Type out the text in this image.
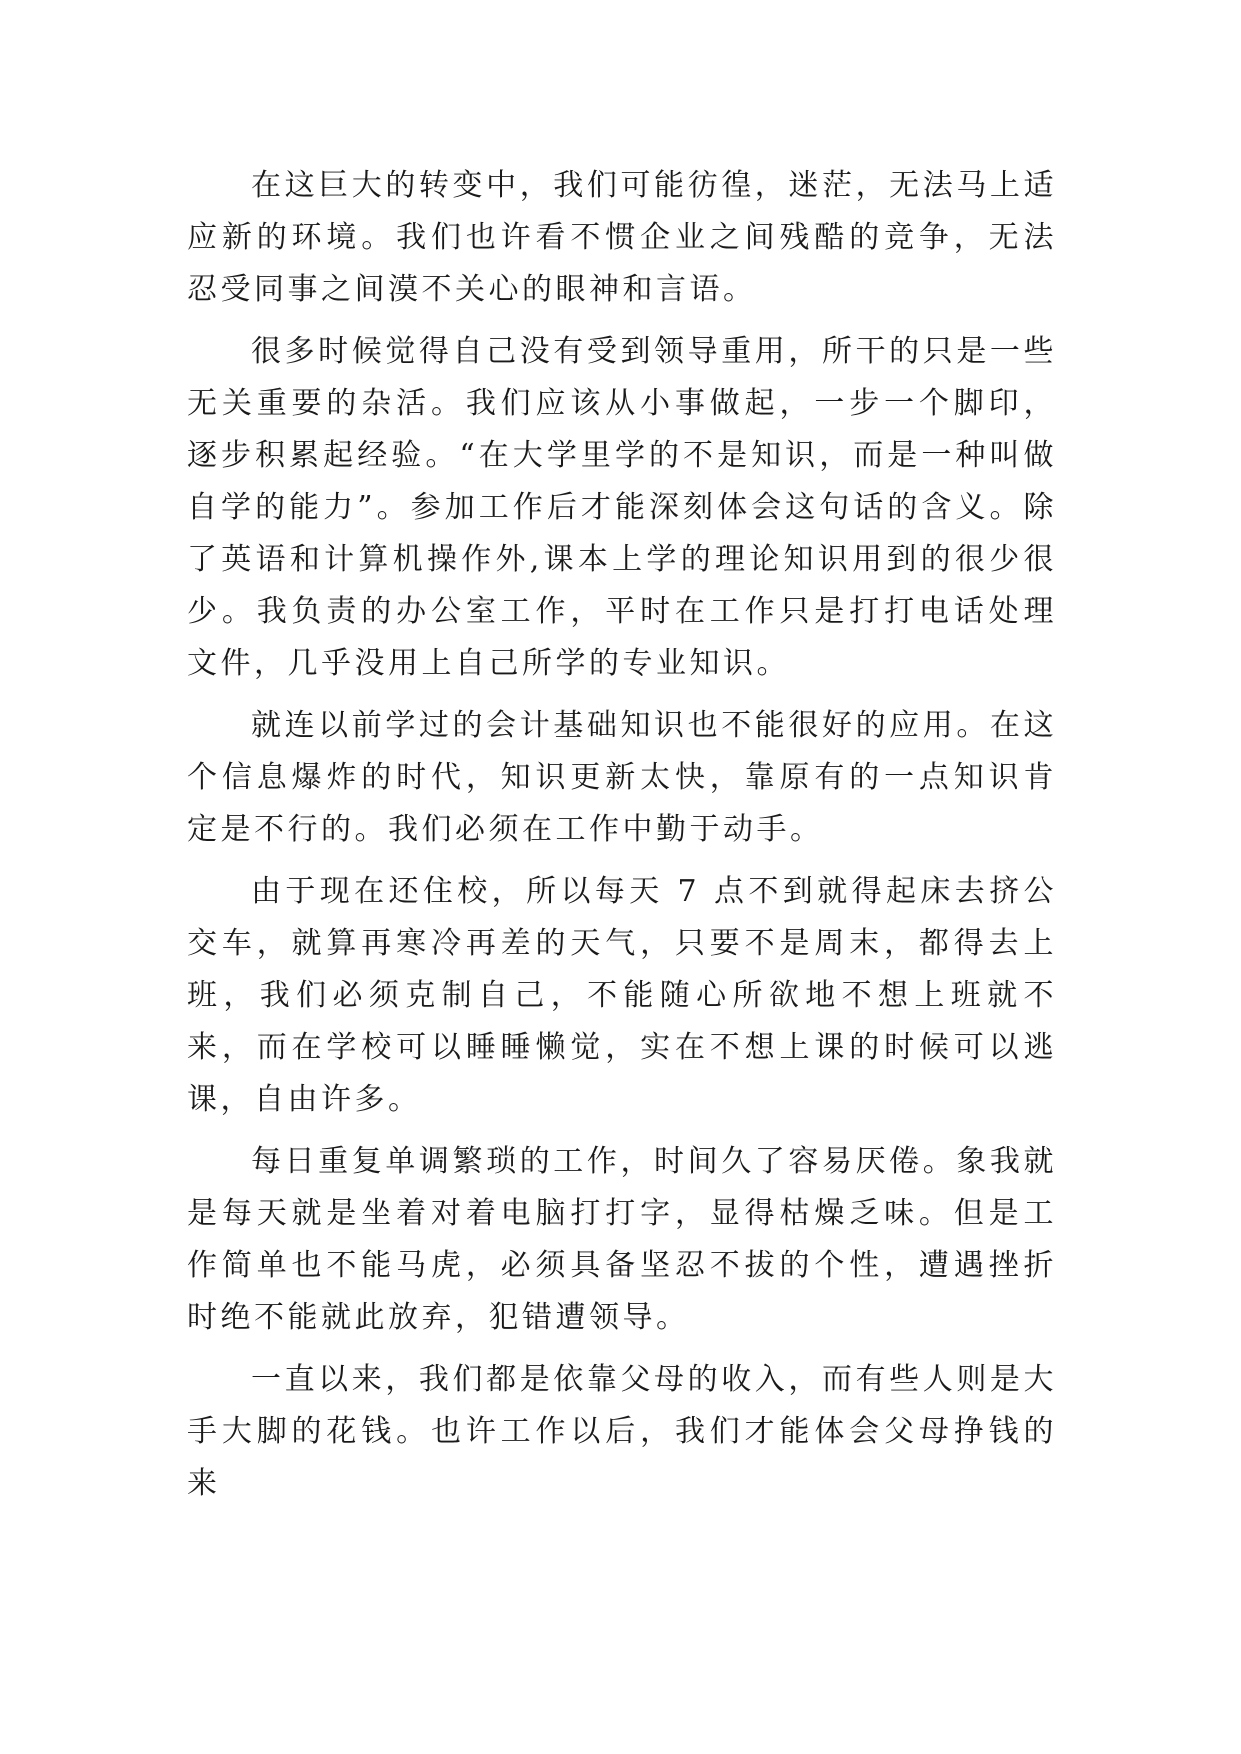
在这巨大的转变中，我们可能彷徨，迷茫，无法马上适应新的环境。我们也许看不惯企业之间残酷的竞争，无法忍受同事之间漠不关心的眼神和言语。

很多时候觉得自己没有受到领导重用，所干的只是一些无关重要的杂活。我们应该从小事做起，一步一个脚印，逐步积累起经验。“在大学里学的不是知识，而是一种叫做自学的能力”。参加工作后才能深刻体会这句话的含义。除了英语和计算机操作外,课本上学的理论知识用到的很少很少。我负责的办公室工作，平时在工作只是打打电话处理文件，几乎没用上自己所学的专业知识。

就连以前学过的会计基础知识也不能很好的应用。在这个信息爆炸的时代，知识更新太快，靠原有的一点知识肯定是不行的。我们必须在工作中勤于动手。

由于现在还住校，所以每天 7 点不到就得起床去挤公交车，就算再寒冷再差的天气，只要不是周末，都得去上班，我们必须克制自己，不能随心所欲地不想上班就不来，而在学校可以睡睡懒觉，实在不想上课的时候可以逃课，自由许多。

每日重复单调繁琐的工作，时间久了容易厌倦。象我就是每天就是坐着对着电脑打打字，显得枯燥乏味。但是工作简单也不能马虎，必须具备坚忍不拔的个性，遭遇挫折时绝不能就此放弃，犯错遭领导。

一直以来，我们都是依靠父母的收入，而有些人则是大手大脚的花钱。也许工作以后，我们才能体会父母挣钱的来
